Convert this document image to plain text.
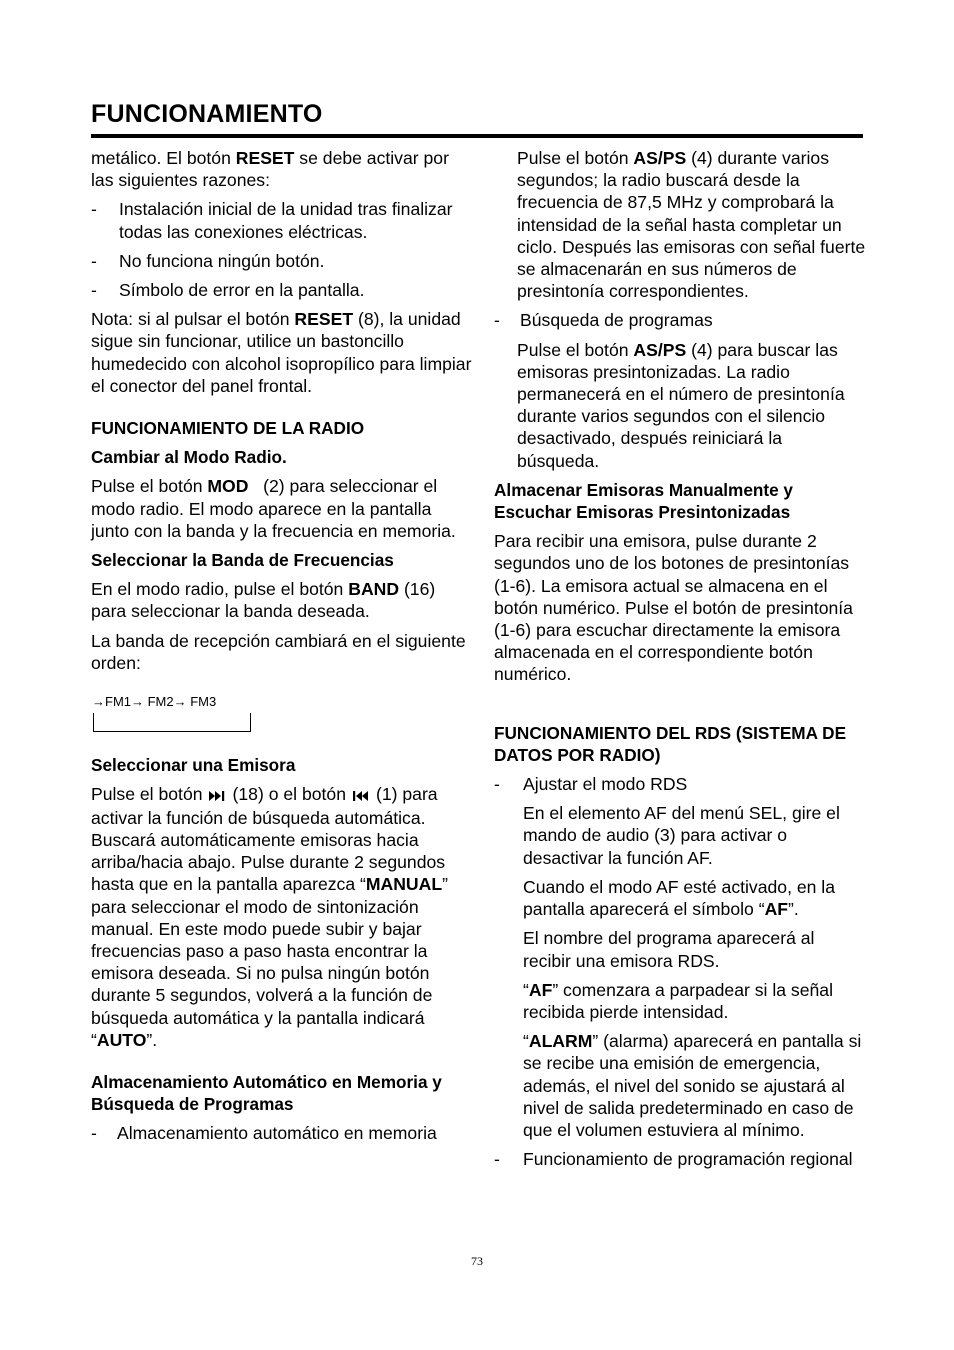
FUNCIONAMIENTO

metálico. El botón RESET se debe activar por las siguientes razones:

-	Instalación inicial de la unidad tras finalizar todas las conexiones eléctricas.
-	No funciona ningún botón.
-	Símbolo de error en la pantalla.

Nota: si al pulsar el botón RESET (8), la unidad sigue sin funcionar, utilice un bastoncillo humedecido con alcohol isopropílico para limpiar el conector del panel frontal.

FUNCIONAMIENTO DE LA RADIO

Cambiar al Modo Radio.

Pulse el botón MOD   (2) para seleccionar el modo radio. El modo aparece en la pantalla junto con la banda y la frecuencia en memoria.

Seleccionar la Banda de Frecuencias

En el modo radio, pulse el botón BAND (16) para seleccionar la banda deseada.

La banda de recepción cambiará en el siguiente orden:

→FM1→ FM2→ FM3

Seleccionar una Emisora

Pulse el botón (18) o el botón (1) para activar la función de búsqueda automática. Buscará automáticamente emisoras hacia arriba/hacia abajo. Pulse durante 2 segundos hasta que en la pantalla aparezca “MANUAL” para seleccionar el modo de sintonización manual. En este modo puede subir y bajar frecuencias paso a paso hasta encontrar la emisora deseada. Si no pulsa ningún botón durante 5 segundos, volverá a la función de búsqueda automática y la pantalla indicará “AUTO”.

Almacenamiento Automático en Memoria y Búsqueda de Programas

-	Almacenamiento automático en memoria

Pulse el botón AS/PS (4) durante varios segundos; la radio buscará desde la frecuencia de 87,5 MHz y comprobará la intensidad de la señal hasta completar un ciclo. Después las emisoras con señal fuerte se almacenarán en sus números de presintonía correspondientes.

-	Búsqueda de programas

Pulse el botón AS/PS (4) para buscar las emisoras presintonizadas. La radio permanecerá en el número de presintonía durante varios segundos con el silencio desactivado, después reiniciará la búsqueda.

Almacenar Emisoras Manualmente y Escuchar Emisoras Presintonizadas

Para recibir una emisora, pulse durante 2 segundos uno de los botones de presintonías (1-6). La emisora actual se almacena en el botón numérico. Pulse el botón de presintonía (1-6) para escuchar directamente la emisora almacenada en el correspondiente botón numérico.

FUNCIONAMIENTO DEL RDS (SISTEMA DE DATOS POR RADIO)

-	Ajustar el modo RDS

En el elemento AF del menú SEL, gire el mando de audio (3) para activar o desactivar la función AF.

Cuando el modo AF esté activado, en la pantalla aparecerá el símbolo “AF”.

El nombre del programa aparecerá al recibir una emisora RDS.

“AF” comenzara a parpadear si la señal recibida pierde intensidad.

“ALARM” (alarma) aparecerá en pantalla si se recibe una emisión de emergencia, además, el nivel del sonido se ajustará al nivel de salida predeterminado en caso de que el volumen estuviera al mínimo.

-	Funcionamiento de programación regional
73
